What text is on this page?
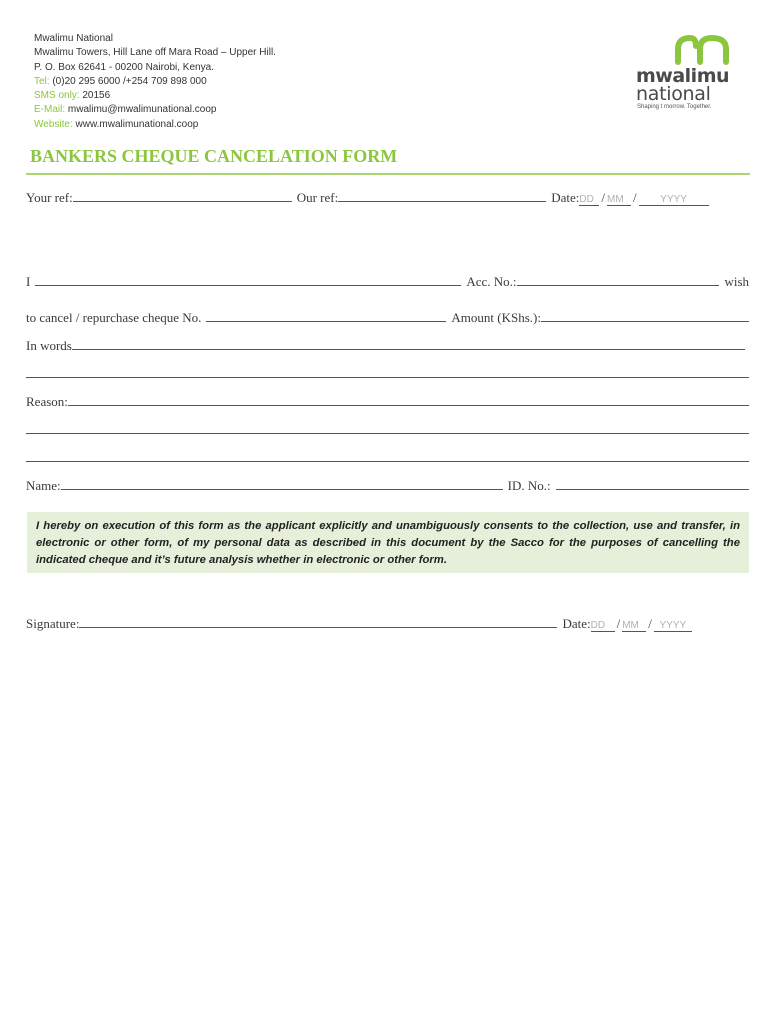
Mwalimu National
Mwalimu Towers, Hill Lane off Mara Road – Upper Hill.
P. O. Box 62641 - 00200 Nairobi, Kenya.
Tel: (0)20 295 6000 /+254 709 898 000
SMS only: 20156
E-Mail: mwalimu@mwalimunational.coop
Website: www.mwalimunational.coop
mwalimu
national
Shaping t morrow. Together.
BANKERS CHEQUE CANCELATION FORM
Your ref:	Our ref:	Date: DD / MM /	YYYY
I	Acc. No.:	wish
to cancel / repurchase cheque No.	Amount (KShs.):
In words
Reason:
Name:	ID. No.:
I hereby on execution of this form as the applicant explicitly and unambiguously consents to the collection, use and transfer, in electronic or other form, of my personal data as described in this document by the Sacco for the purposes of cancelling the indicated cheque and it’s future analysis whether in electronic or other form.
Signature:	Date: DD / MM / YYYY
